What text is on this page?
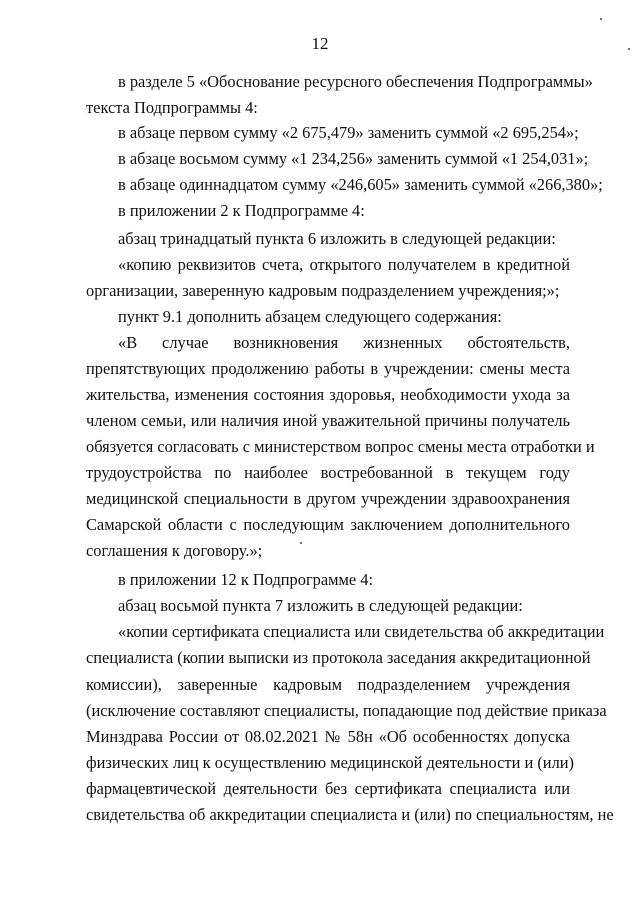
12
в разделе 5 «Обоснование ресурсного обеспечения Подпрограммы»
текста Подпрограммы 4:
в абзаце первом сумму «2 675,479» заменить суммой «2 695,254»;
в абзаце восьмом сумму «1 234,256» заменить суммой «1 254,031»;
в абзаце одиннадцатом сумму «246,605» заменить суммой «266,380»;
в приложении 2 к Подпрограмме 4:
абзац тринадцатый пункта 6 изложить в следующей редакции:
«копию реквизитов счета, открытого получателем в кредитной
организации, заверенную кадровым подразделением учреждения;»;
пункт 9.1 дополнить абзацем следующего содержания:
«В случае возникновения жизненных обстоятельств,
препятствующих продолжению работы в учреждении: смены места
жительства, изменения состояния здоровья, необходимости ухода за
членом семьи, или наличия иной уважительной причины получатель
обязуется согласовать с министерством вопрос смены места отработки и
трудоустройства по наиболее востребованной в текущем году
медицинской специальности в другом учреждении здравоохранения
Самарской области с последующим заключением дополнительного
соглашения к договору.»;
в приложении 12 к Подпрограмме 4:
абзац восьмой пункта 7 изложить в следующей редакции:
«копии сертификата специалиста или свидетельства об аккредитации
специалиста (копии выписки из протокола заседания аккредитационной
комиссии), заверенные кадровым подразделением учреждения
(исключение составляют специалисты, попадающие под действие приказа
Минздрава России от 08.02.2021 № 58н «Об особенностях допуска
физических лиц к осуществлению медицинской деятельности и (или)
фармацевтической деятельности без сертификата специалиста или
свидетельства об аккредитации специалиста и (или) по специальностям, не
